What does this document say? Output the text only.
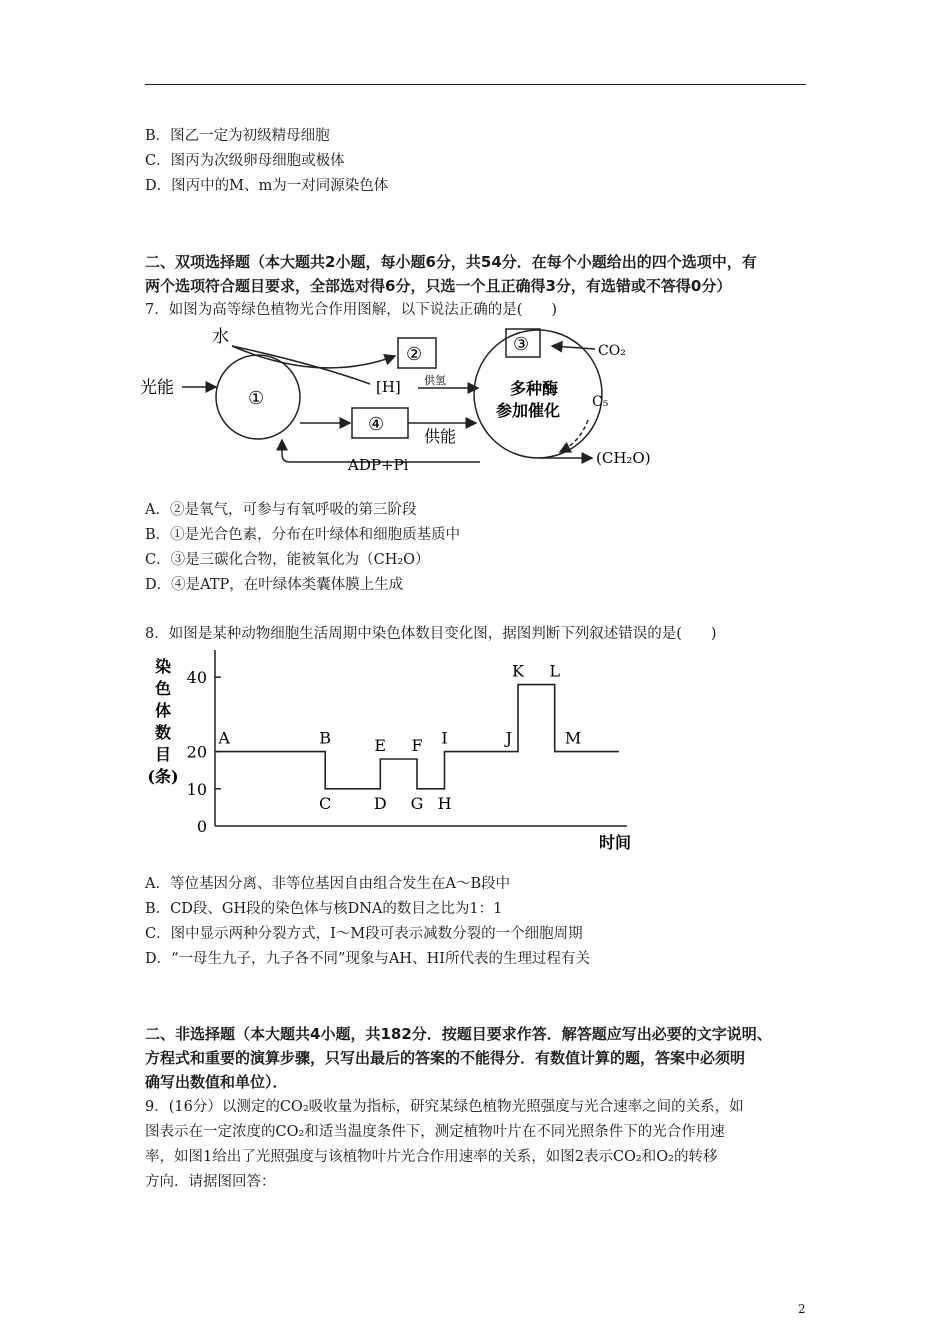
B．图乙一定为初级精母细胞
C．图丙为次级卵母细胞或极体
D．图丙中的M、m为一对同源染色体
二、双项选择题（本大题共2小题，每小题6分，共54分．在每个小题给出的四个选项中，有
两个选项符合题目要求，全部选对得6分，只选一个且正确得3分，有选错或不答得0分）
7．如图为高等绿色植物光合作用图解，以下说法正确的是(　　)
水
光能	①
②
[H] 供氢
③	CO₂
多种酶
参加催化 C₅
④
供能
ADP+Pi	(CH₂O)
A．②是氧气，可参与有氧呼吸的第三阶段
B．①是光合色素，分布在叶绿体和细胞质基质中
C．③是三碳化合物，能被氧化为（CH₂O）
D．④是ATP，在叶绿体类囊体膜上生成
8．如图是某种动物细胞生活周期中染色体数目变化图，据图判断下列叙述错误的是(　　)
染
色
体
数
目
(条)
0
10
20
40
A	B
C	D
E F
G H
I	J
K L
M
时间
A．等位基因分离、非等位基因自由组合发生在A～B段中
B．CD段、GH段的染色体与核DNA的数目之比为1：1
C．图中显示两种分裂方式，I～M段可表示减数分裂的一个细胞周期
D．“一母生九子，九子各不同”现象与AH、HI所代表的生理过程有关
二、非选择题（本大题共4小题，共182分．按题目要求作答．解答题应写出必要的文字说明、
方程式和重要的演算步骤，只写出最后的答案的不能得分．有数值计算的题，答案中必须明
确写出数值和单位）．
9．(16分）以测定的CO₂吸收量为指标，研究某绿色植物光照强度与光合速率之间的关系，如
图表示在一定浓度的CO₂和适当温度条件下，测定植物叶片在不同光照条件下的光合作用速
率，如图1给出了光照强度与该植物叶片光合作用速率的关系，如图2表示CO₂和O₂的转移
方向．请据图回答：
2
